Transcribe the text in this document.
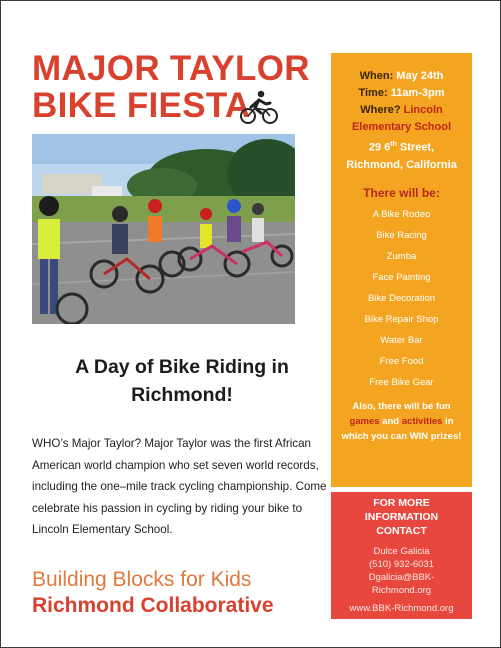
MAJOR TAYLOR
BIKE FIESTA
A Day of Bike Riding in
Richmond!

WHO’s Major Taylor? Major Taylor was the first African American world champion who set seven world records, including the one–mile track cycling championship. Come celebrate his passion in cycling by riding your bike to Lincoln Elementary School.

Building Blocks for Kids
Richmond Collaborative
When: May 24th
Time: 11am-3pm
Where? Lincoln
Elementary School
29 6th Street,
Richmond, California
There will be:
A Bike Rodeo
Bike Racing
Zumba
Face Painting
Bike Decoration
Bike Repair Shop
Water Bar
Free Food
Free Bike Gear
Also, there will be fun
games and activities in which you can WIN prizes!
FOR MORE
INFORMATION
CONTACT
Dulce Galicia
(510) 932-6031
Dgalicia@BBK-
Richmond.org
www.BBK-Richmond.org
